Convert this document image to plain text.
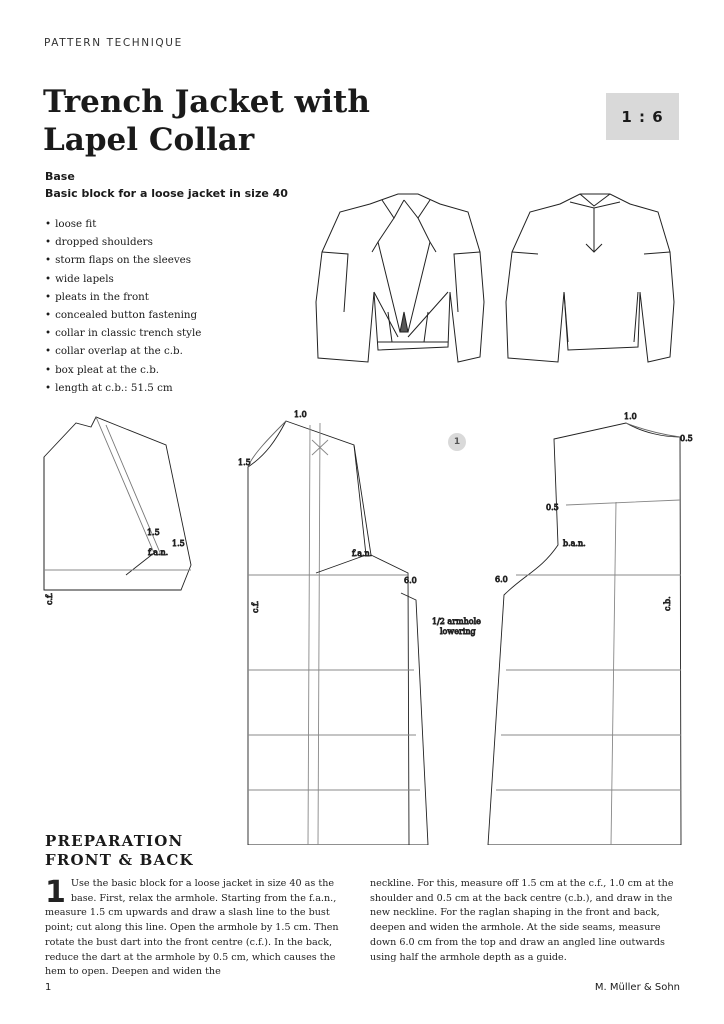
PATTERN TECHNIQUE
Trench Jacket with
Lapel Collar
1 : 6
Base
Basic block for a loose jacket in size 40
• loose fit
• dropped shoulders
• storm flaps on the sleeves
• wide lapels
• pleats in the front
• concealed button fastening
• collar in classic trench style
• collar overlap at the c.b.
• box pleat at the c.b.
• length at c.b.: 51.5 cm
1.5
1.5
f.a.n.
c.f.
1.0
1.5
f.a.n.
c.f.
6.0
1.0
0.5
0.5
b.a.n.
c.b.
6.0
1/2 armhole
lowering
1
PREPARATION
FRONT & BACK
1 Use the basic block for a loose jacket in size 40 as the base. First, relax the armhole. Starting from the f.a.n., measure 1.5 cm upwards and draw a slash line to the bust point; cut along this line. Open the armhole by 1.5 cm. Then rotate the bust dart into the front centre (c.f.). In the back, reduce the dart at the armhole by 0.5 cm, which causes the hem to open. Deepen and widen the
neckline. For this, measure off 1.5 cm at the c.f., 1.0 cm at the shoulder and 0.5 cm at the back centre (c.b.), and draw in the new neckline. For the raglan shaping in the front and back, deepen and widen the armhole. At the side seams, measure down 6.0 cm from the top and draw an angled line outwards using half the armhole depth as a guide.
1	M. Müller & Sohn
